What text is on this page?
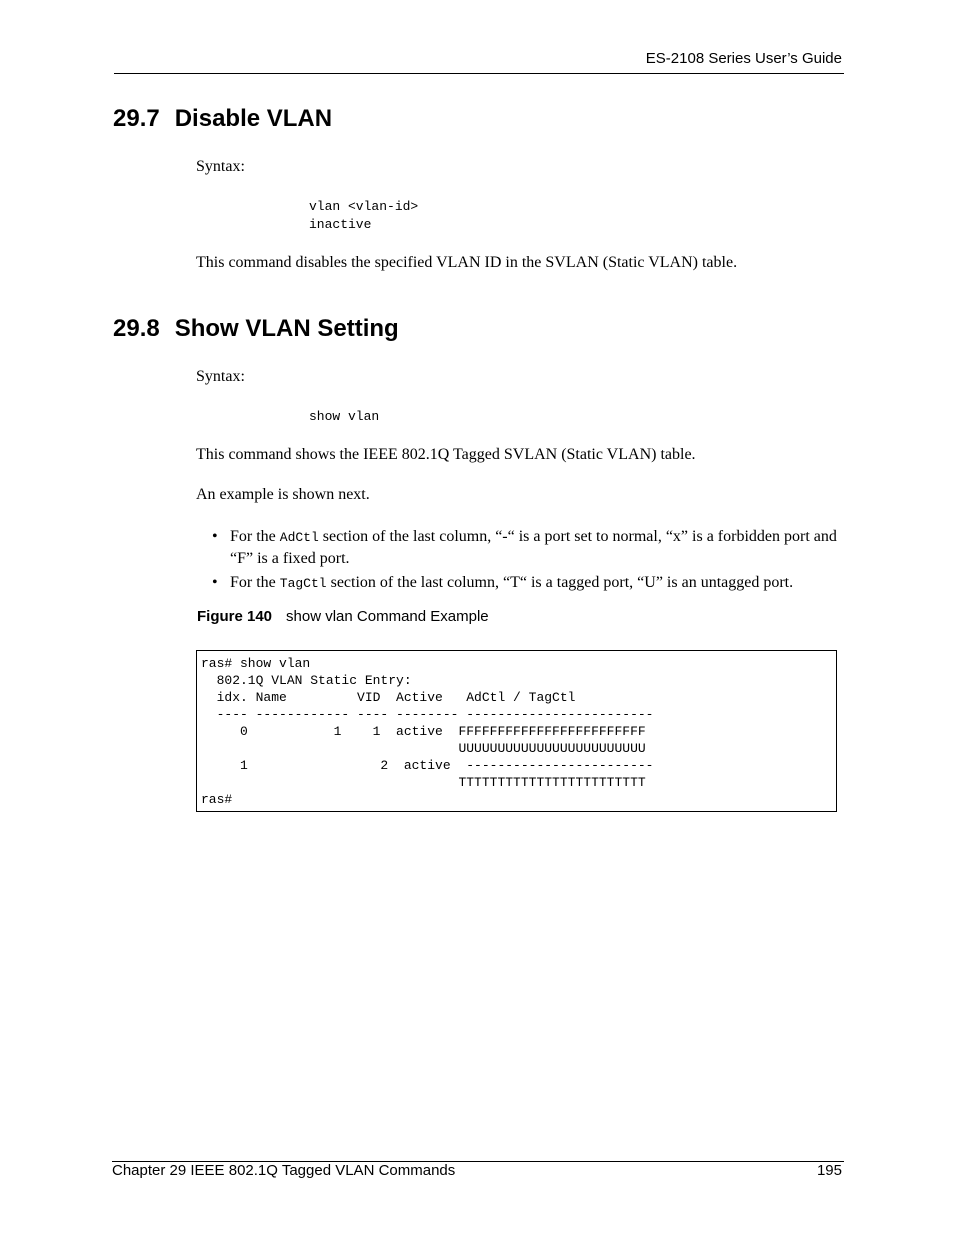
ES-2108 Series User’s Guide
29.7 Disable VLAN
Syntax:
vlan <vlan-id>
inactive
This command disables the specified VLAN ID in the SVLAN (Static VLAN) table.
29.8 Show VLAN Setting
Syntax:
show vlan
This command shows the IEEE 802.1Q Tagged SVLAN (Static VLAN) table.
An example is shown next.
• For the AdCtl section of the last column, “-“ is a port set to normal, “x” is a forbidden port and “F” is a fixed port.
• For the TagCtl section of the last column, “T“ is a tagged port, “U” is an untagged port.
Figure 140 show vlan Command Example
ras# show vlan
802.1Q VLAN Static Entry:
idx. Name         VID  Active   AdCtl / TagCtl
---- ------------ ---- -------- ------------------------
0           1    1  active  FFFFFFFFFFFFFFFFFFFFFFFF
UUUUUUUUUUUUUUUUUUUUUUUU
1                 2  active  ------------------------
TTTTTTTTTTTTTTTTTTTTTTTT
ras#
Chapter 29 IEEE 802.1Q Tagged VLAN Commands	195
